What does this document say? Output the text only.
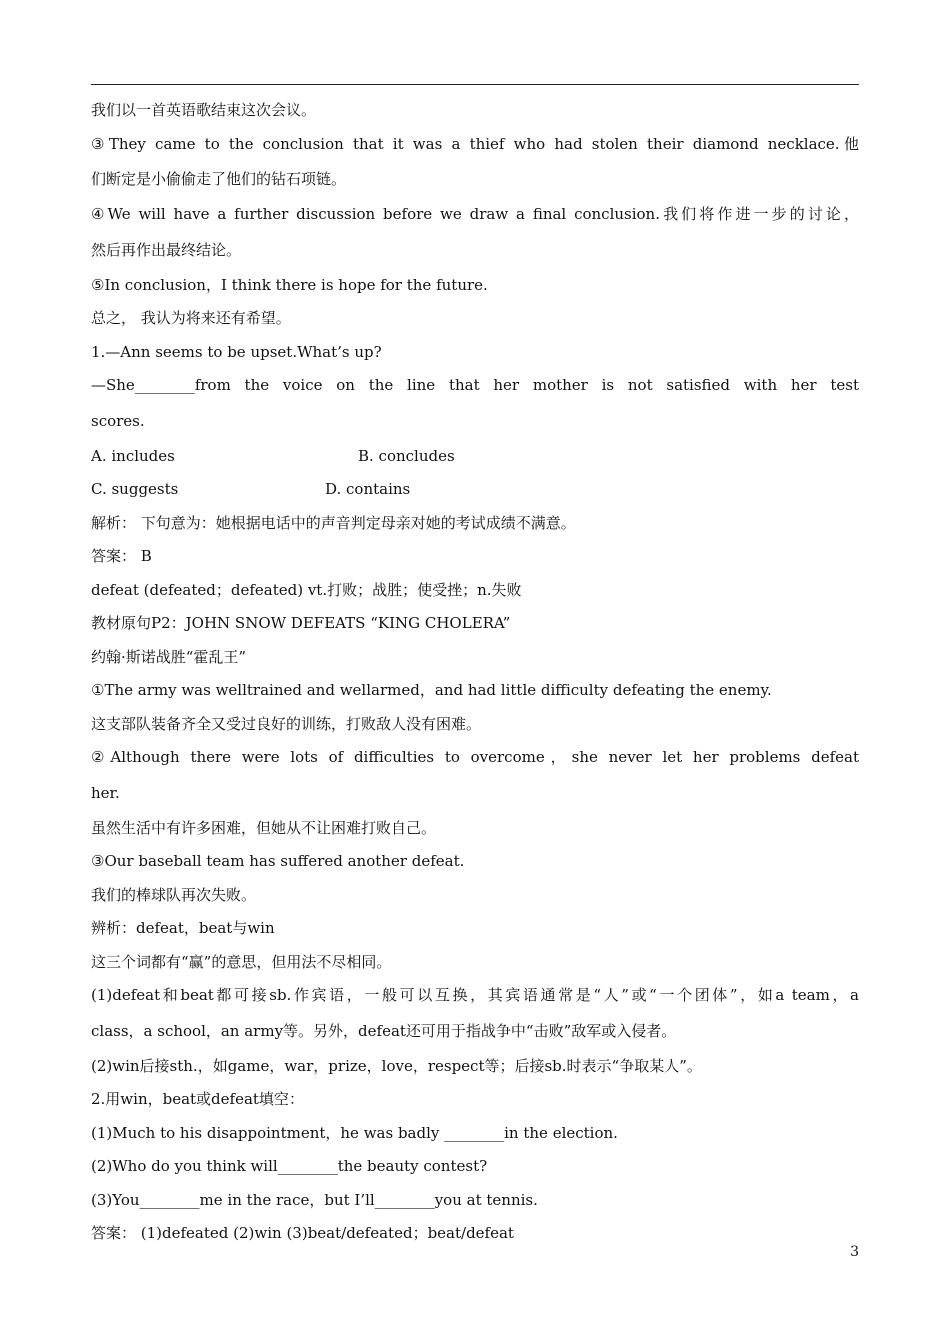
我们以一首英语歌结束这次会议。
③They came to the conclusion that it was a thief who had stolen their diamond necklace.他
们断定是小偷偷走了他们的钻石项链。
④We will have a further discussion before we draw a final conclusion.我们将作进一步的讨论，
然后再作出最终结论。
⑤In conclusion，I think there is hope for the future.
总之， 我认为将来还有希望。
1.—Ann seems to be upset.What’s up?
—She________from the voice on the line that her mother is not satisfied with her test
scores.
A. includes	B. concludes
C. suggests	D. contains
解析： 下句意为：她根据电话中的声音判定母亲对她的考试成绩不满意。
答案： B
defeat (defeated；defeated) vt.打败；战胜；使受挫；n.失败
教材原句P2：JOHN SNOW DEFEATS “KING CHOLERA”
约翰·斯诺战胜“霍乱王”
①The army was welltrained and wellarmed，and had little difficulty defeating the enemy.
这支部队装备齐全又受过良好的训练，打败敌人没有困难。
②Although there were lots of difficulties to overcome，she never let her problems defeat
her.
虽然生活中有许多困难，但她从不让困难打败自己。
③Our baseball team has suffered another defeat.
我们的棒球队再次失败。
辨析：defeat，beat与win
这三个词都有“赢”的意思，但用法不尽相同。
(1)defeat和beat都可接sb.作宾语，一般可以互换，其宾语通常是“人”或“一个团体”，如a team，a
class，a school，an army等。另外，defeat还可用于指战争中“击败”敌军或入侵者。
(2)win后接sth.，如game，war，prize，love，respect等；后接sb.时表示“争取某人”。
2.用win，beat或defeat填空：
(1)Much to his disappointment，he was badly ________in the election.
(2)Who do you think will________the beauty contest?
(3)You________me in the race，but I’ll________you at tennis.
答案： (1)defeated (2)win (3)beat/defeated；beat/defeat
3
